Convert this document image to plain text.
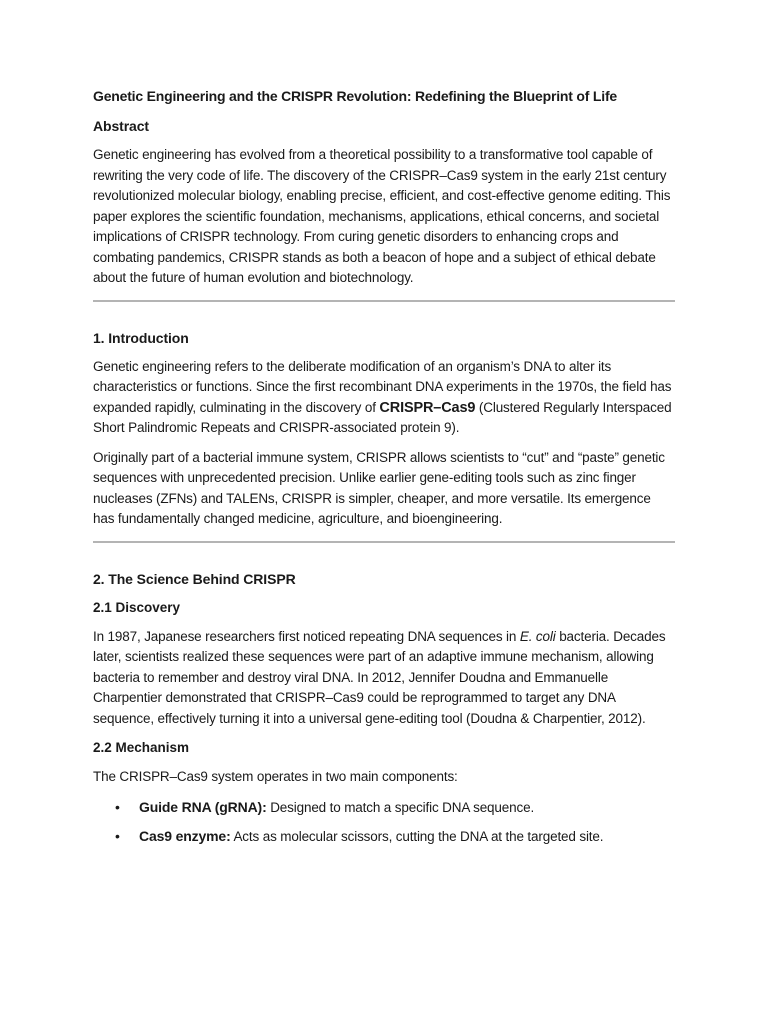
Genetic Engineering and the CRISPR Revolution: Redefining the Blueprint of Life
Abstract

Genetic engineering has evolved from a theoretical possibility to a transformative tool capable of rewriting the very code of life. The discovery of the CRISPR–Cas9 system in the early 21st century revolutionized molecular biology, enabling precise, efficient, and cost-effective genome editing. This paper explores the scientific foundation, mechanisms, applications, ethical concerns, and societal implications of CRISPR technology. From curing genetic disorders to enhancing crops and combating pandemics, CRISPR stands as both a beacon of hope and a subject of ethical debate about the future of human evolution and biotechnology.

1. Introduction

Genetic engineering refers to the deliberate modification of an organism’s DNA to alter its characteristics or functions. Since the first recombinant DNA experiments in the 1970s, the field has expanded rapidly, culminating in the discovery of CRISPR–Cas9 (Clustered Regularly Interspaced Short Palindromic Repeats and CRISPR-associated protein 9).

Originally part of a bacterial immune system, CRISPR allows scientists to “cut” and “paste” genetic sequences with unprecedented precision. Unlike earlier gene-editing tools such as zinc finger nucleases (ZFNs) and TALENs, CRISPR is simpler, cheaper, and more versatile. Its emergence has fundamentally changed medicine, agriculture, and bioengineering.

2. The Science Behind CRISPR
2.1 Discovery

In 1987, Japanese researchers first noticed repeating DNA sequences in E. coli bacteria. Decades later, scientists realized these sequences were part of an adaptive immune mechanism, allowing bacteria to remember and destroy viral DNA. In 2012, Jennifer Doudna and Emmanuelle Charpentier demonstrated that CRISPR–Cas9 could be reprogrammed to target any DNA sequence, effectively turning it into a universal gene-editing tool (Doudna & Charpentier, 2012).

2.2 Mechanism

The CRISPR–Cas9 system operates in two main components:

• Guide RNA (gRNA): Designed to match a specific DNA sequence.
• Cas9 enzyme: Acts as molecular scissors, cutting the DNA at the targeted site.
